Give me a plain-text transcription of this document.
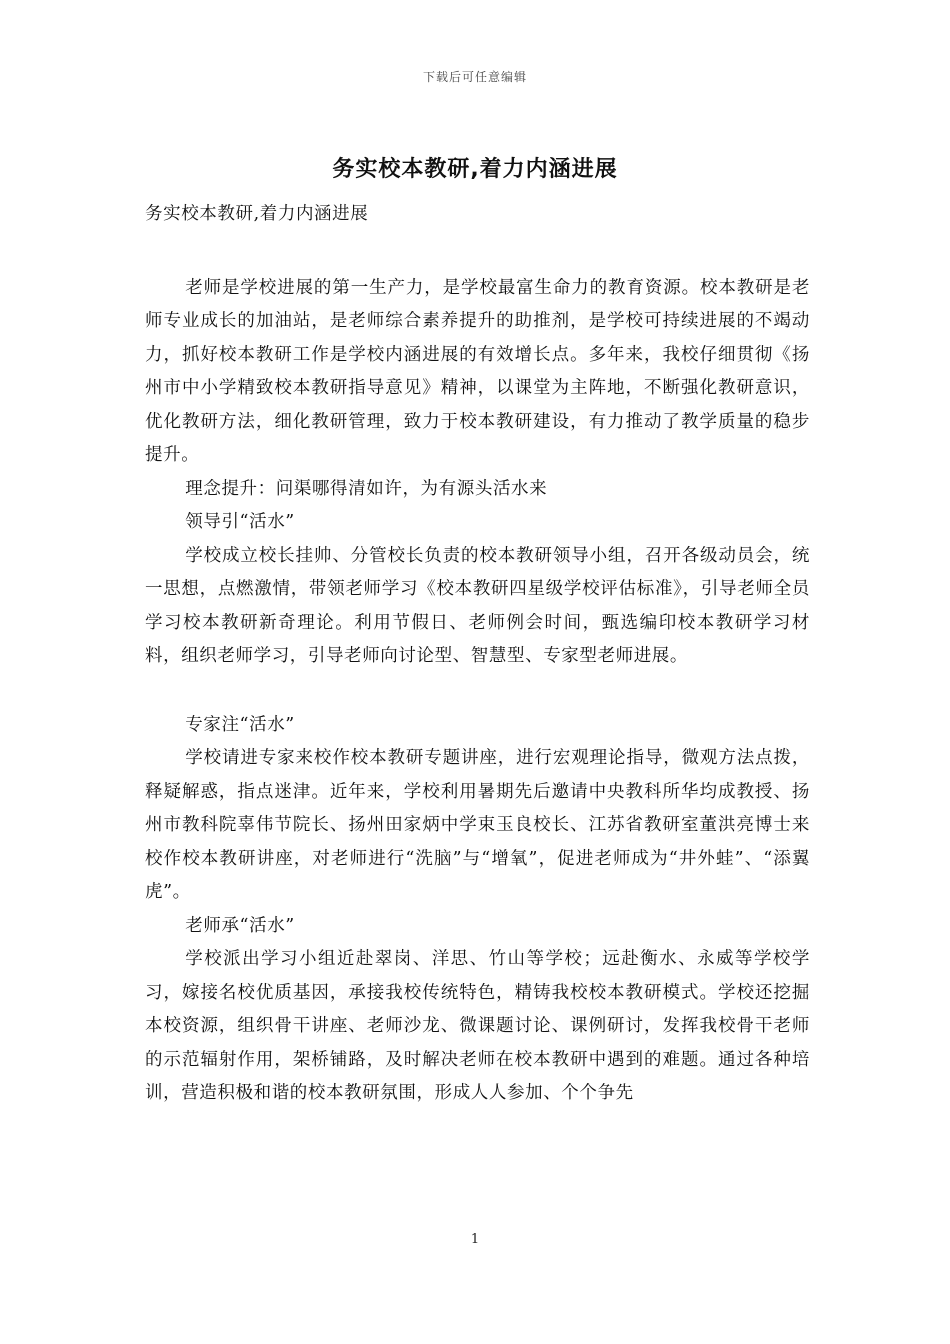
下载后可任意编辑
务实校本教研,着力内涵进展

务实校本教研,着力内涵进展

老师是学校进展的第一生产力，是学校最富生命力的教育资源。校本教研是老师专业成长的加油站，是老师综合素养提升的助推剂，是学校可持续进展的不竭动力，抓好校本教研工作是学校内涵进展的有效增长点。多年来，我校仔细贯彻《扬州市中小学精致校本教研指导意见》精神，以课堂为主阵地，不断强化教研意识，优化教研方法，细化教研管理，致力于校本教研建设，有力推动了教学质量的稳步提升。

理念提升：问渠哪得清如许，为有源头活水来

领导引“活水”

学校成立校长挂帅、分管校长负责的校本教研领导小组，召开各级动员会，统一思想，点燃激情，带领老师学习《校本教研四星级学校评估标准》，引导老师全员学习校本教研新奇理论。利用节假日、老师例会时间，甄选编印校本教研学习材料，组织老师学习，引导老师向讨论型、智慧型、专家型老师进展。

专家注“活水”

学校请进专家来校作校本教研专题讲座，进行宏观理论指导，微观方法点拨，释疑解惑，指点迷津。近年来，学校利用暑期先后邀请中央教科所华均成教授、扬州市教科院辜伟节院长、扬州田家炳中学束玉良校长、江苏省教研室董洪亮博士来校作校本教研讲座，对老师进行“洗脑”与“增氧”，促进老师成为“井外蛙”、“添翼虎”。

老师承“活水”

学校派出学习小组近赴翠岗、洋思、竹山等学校；远赴衡水、永威等学校学习，嫁接名校优质基因，承接我校传统特色，精铸我校校本教研模式。学校还挖掘本校资源，组织骨干讲座、老师沙龙、微课题讨论、课例研讨，发挥我校骨干老师的示范辐射作用，架桥铺路，及时解决老师在校本教研中遇到的难题。通过各种培训，营造积极和谐的校本教研氛围，形成人人参加、个个争先

1
